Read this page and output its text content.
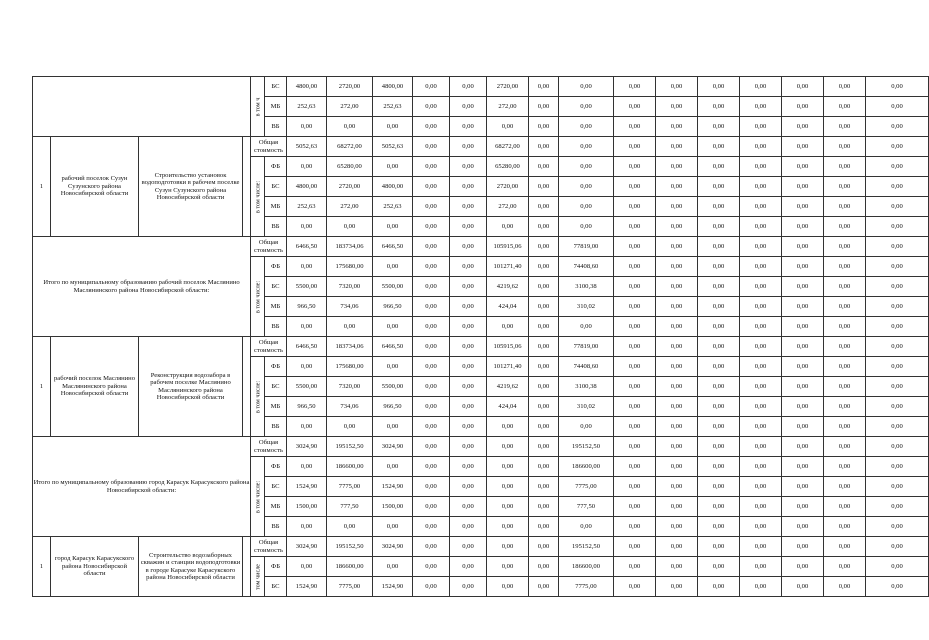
				в том ч	БС	4800,00	2720,00	4800,00	0,00	0,00	2720,00	0,00	0,00	0,00	0,00	0,00	0,00	0,00	0,00	0,00
					МБ	252,63	272,00	252,63	0,00	0,00	272,00	0,00	0,00	0,00	0,00	0,00	0,00	0,00	0,00	0,00
					ВБ	0,00	0,00	0,00	0,00	0,00	0,00	0,00	0,00	0,00	0,00	0,00	0,00	0,00	0,00	0,00
1	рабочий поселок Сузун Сузунского района Новосибирской области	Строительство установок водоподготовки в рабочем поселке Сузун Сузунского района Новосибирской области		Общая стоимость		5052,63	68272,00	5052,63	0,00	0,00	68272,00	0,00	0,00	0,00	0,00	0,00	0,00	0,00	0,00	0,00

				в том числе:	ФБ	0,00	65280,00	0,00	0,00	0,00	65280,00	0,00	0,00	0,00	0,00	0,00	0,00	0,00	0,00	0,00
					БС	4800,00	2720,00	4800,00	0,00	0,00	2720,00	0,00	0,00	0,00	0,00	0,00	0,00	0,00	0,00	0,00
					МБ	252,63	272,00	252,63	0,00	0,00	272,00	0,00	0,00	0,00	0,00	0,00	0,00	0,00	0,00	0,00
					ВБ	0,00	0,00	0,00	0,00	0,00	0,00	0,00	0,00	0,00	0,00	0,00	0,00	0,00	0,00	0,00
Итого по муниципальному образованию рабочий поселок Маслянино Маслянинского района Новосибирской области:				Общая стоимость		6466,50	183734,06	6466,50	0,00	0,00	105915,06	0,00	77819,00	0,00	0,00	0,00	0,00	0,00	0,00	0,00

				в том числе:	ФБ	0,00	175680,00	0,00	0,00	0,00	101271,40	0,00	74408,60	0,00	0,00	0,00	0,00	0,00	0,00	0,00
					БС	5500,00	7320,00	5500,00	0,00	0,00	4219,62	0,00	3100,38	0,00	0,00	0,00	0,00	0,00	0,00	0,00
					МБ	966,50	734,06	966,50	0,00	0,00	424,04	0,00	310,02	0,00	0,00	0,00	0,00	0,00	0,00	0,00
					ВБ	0,00	0,00	0,00	0,00	0,00	0,00	0,00	0,00	0,00	0,00	0,00	0,00	0,00	0,00	0,00
1	рабочий поселок Маслянино Маслянинского района Новосибирской области	Реконструкция водозабора в рабочем поселке Маслянино Маслянинского района Новосибирской области		Общая стоимость		6466,50	183734,06	6466,50	0,00	0,00	105915,06	0,00	77819,00	0,00	0,00	0,00	0,00	0,00	0,00	0,00

				в том числе:	ФБ	0,00	175680,00	0,00	0,00	0,00	101271,40	0,00	74408,60	0,00	0,00	0,00	0,00	0,00	0,00	0,00
					БС	5500,00	7320,00	5500,00	0,00	0,00	4219,62	0,00	3100,38	0,00	0,00	0,00	0,00	0,00	0,00	0,00
					МБ	966,50	734,06	966,50	0,00	0,00	424,04	0,00	310,02	0,00	0,00	0,00	0,00	0,00	0,00	0,00
					ВБ	0,00	0,00	0,00	0,00	0,00	0,00	0,00	0,00	0,00	0,00	0,00	0,00	0,00	0,00	0,00
Итого по муниципальному образованию город Карасук Карасукского района Новосибирской области:				Общая стоимость		3024,90	195152,50	3024,90	0,00	0,00	0,00	0,00	195152,50	0,00	0,00	0,00	0,00	0,00	0,00	0,00

				в том числе:	ФБ	0,00	186600,00	0,00	0,00	0,00	0,00	0,00	186600,00	0,00	0,00	0,00	0,00	0,00	0,00	0,00
					БС	1524,90	7775,00	1524,90	0,00	0,00	0,00	0,00	7775,00	0,00	0,00	0,00	0,00	0,00	0,00	0,00
					МБ	1500,00	777,50	1500,00	0,00	0,00	0,00	0,00	777,50	0,00	0,00	0,00	0,00	0,00	0,00	0,00
					ВБ	0,00	0,00	0,00	0,00	0,00	0,00	0,00	0,00	0,00	0,00	0,00	0,00	0,00	0,00	0,00
1	город Карасук Карасукского района Новосибирской области	Строительство водозаборных скважин и станции водоподготовки в городе Карасуке Карасукского района Новосибирской области		Общая стоимость		3024,90	195152,50	3024,90	0,00	0,00	0,00	0,00	195152,50	0,00	0,00	0,00	0,00	0,00	0,00	0,00

				том числе	ФБ	0,00	186600,00	0,00	0,00	0,00	0,00	0,00	186600,00	0,00	0,00	0,00	0,00	0,00	0,00	0,00
					БС	1524,90	7775,00	1524,90	0,00	0,00	0,00	0,00	7775,00	0,00	0,00	0,00	0,00	0,00	0,00	0,00
